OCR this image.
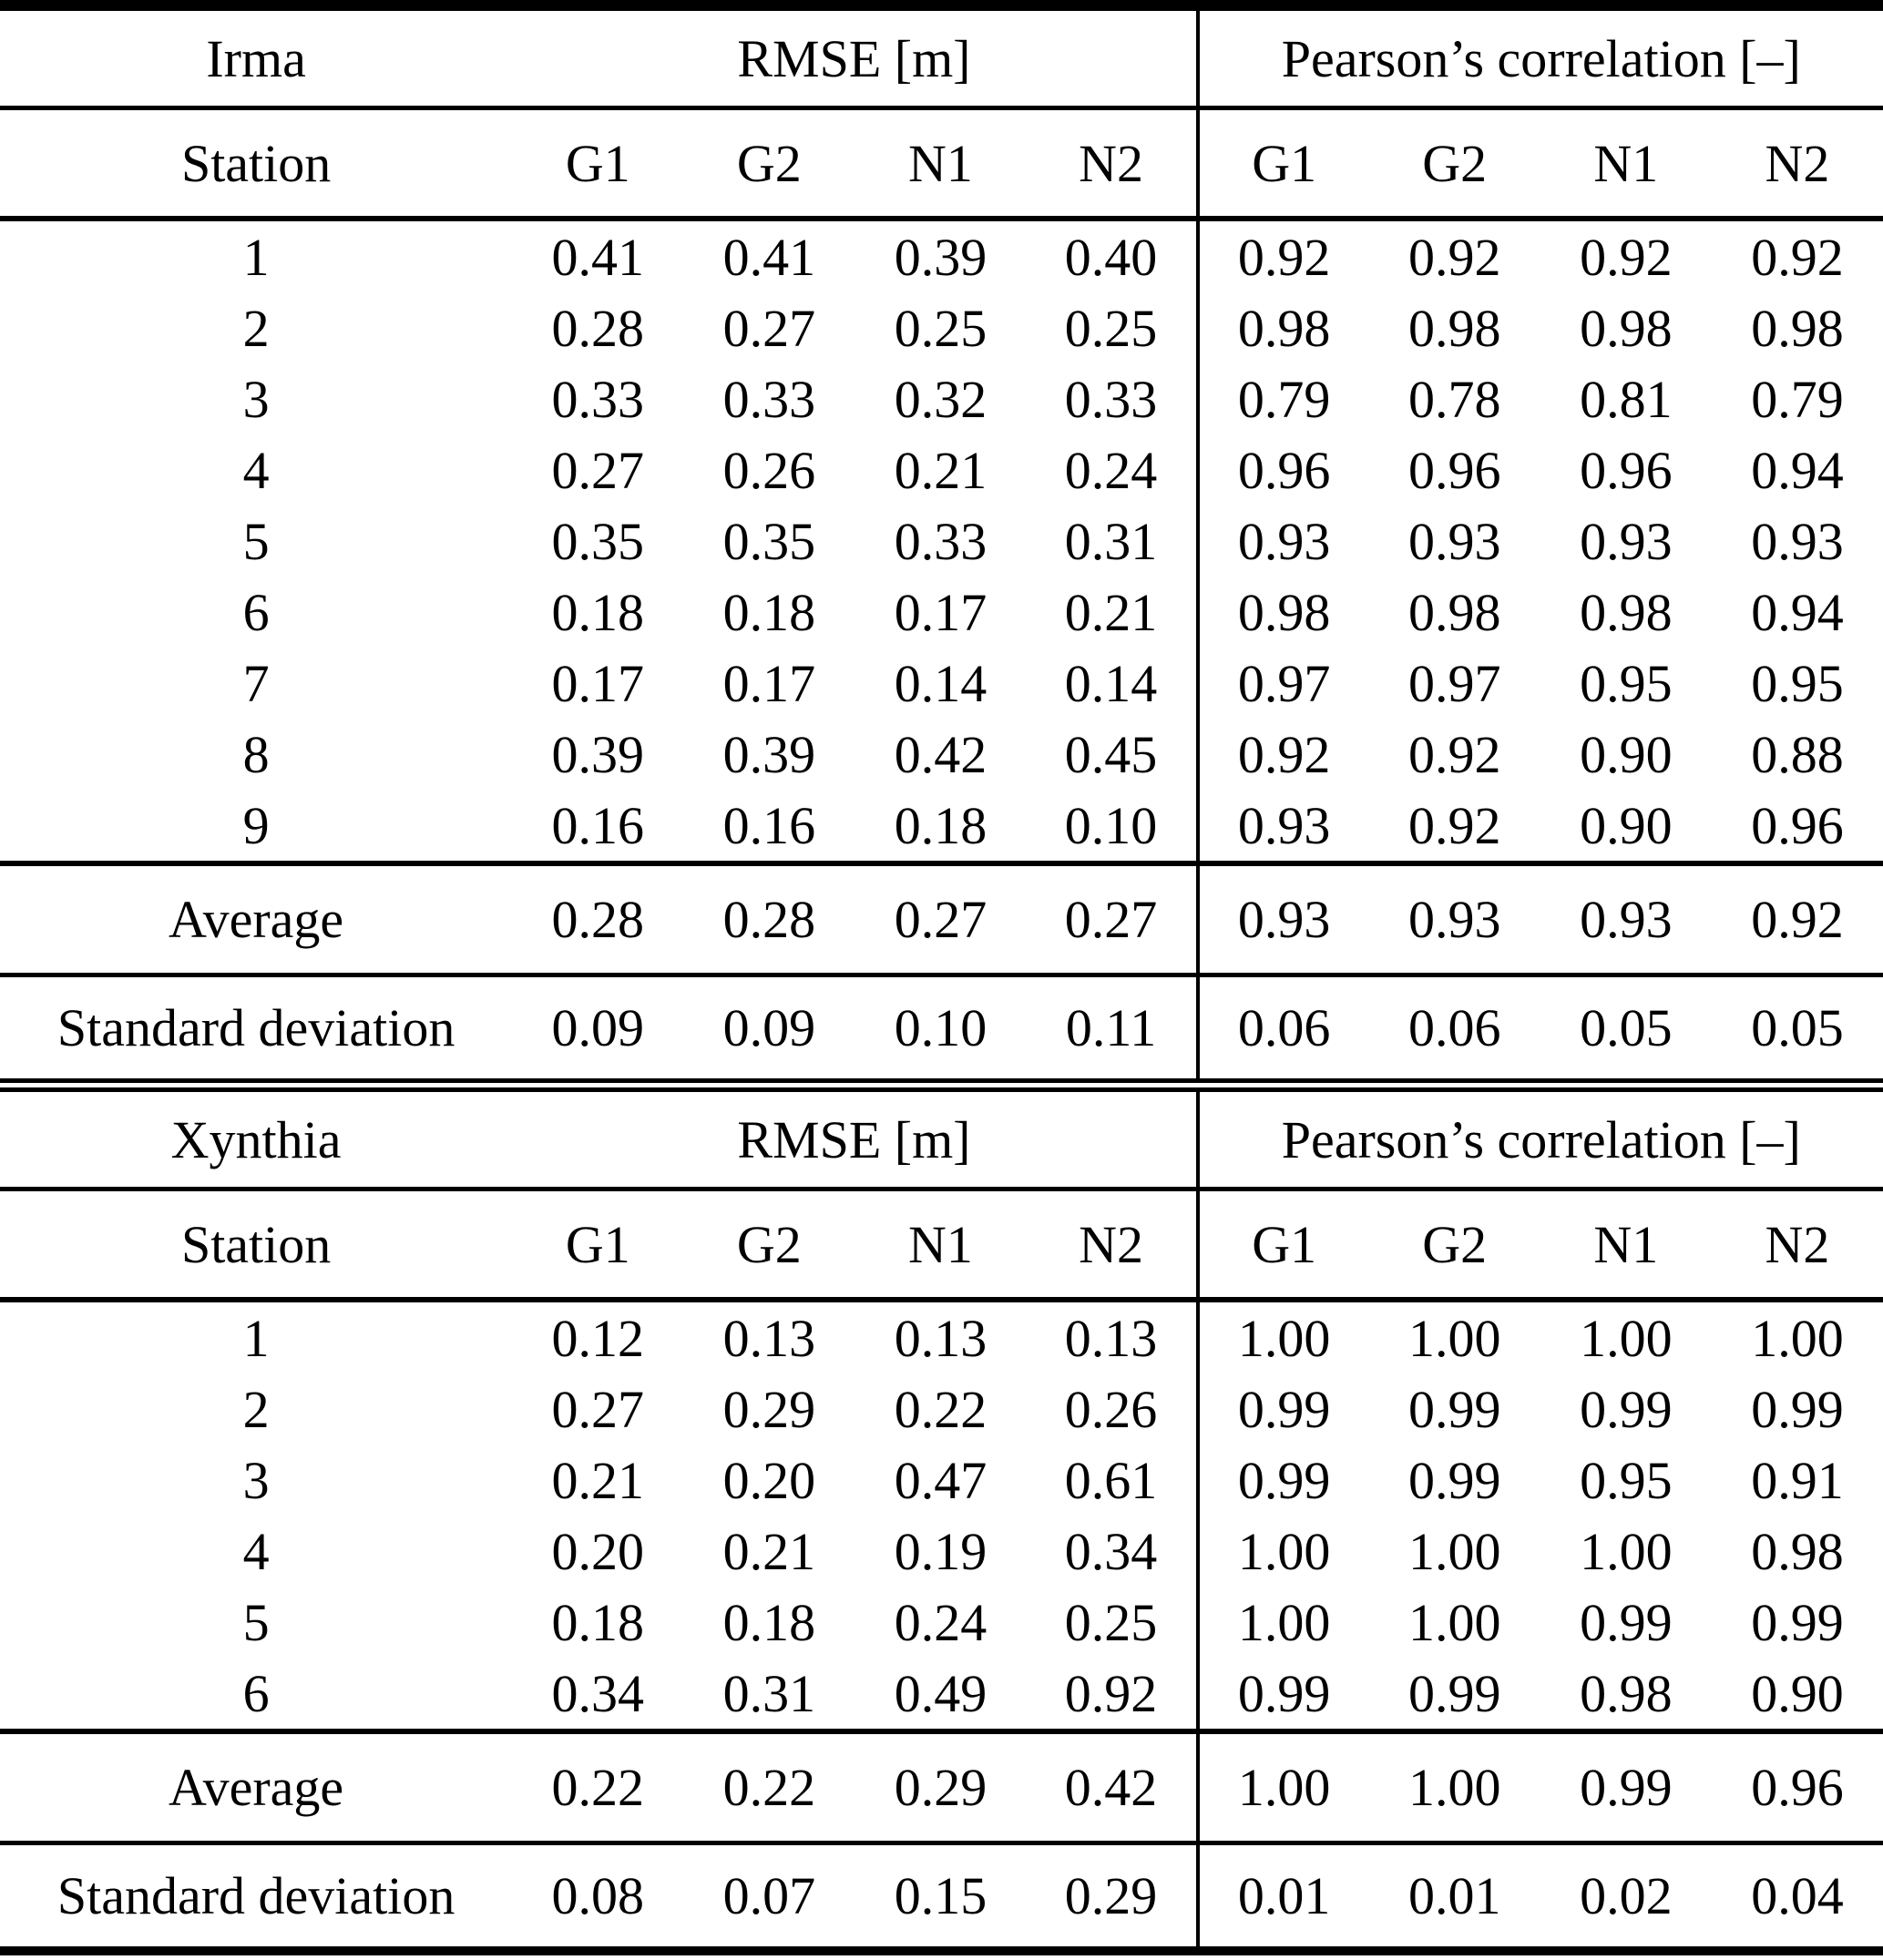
Irma	RMSE [m]				Pearson’s correlation [–]			
Station	G1	G2	N1	N2	G1	G2	N1	N2
1	0.41	0.41	0.39	0.40	0.92	0.92	0.92	0.92
2	0.28	0.27	0.25	0.25	0.98	0.98	0.98	0.98
3	0.33	0.33	0.32	0.33	0.79	0.78	0.81	0.79
4	0.27	0.26	0.21	0.24	0.96	0.96	0.96	0.94
5	0.35	0.35	0.33	0.31	0.93	0.93	0.93	0.93
6	0.18	0.18	0.17	0.21	0.98	0.98	0.98	0.94
7	0.17	0.17	0.14	0.14	0.97	0.97	0.95	0.95
8	0.39	0.39	0.42	0.45	0.92	0.92	0.90	0.88
9	0.16	0.16	0.18	0.10	0.93	0.92	0.90	0.96
Average	0.28	0.28	0.27	0.27	0.93	0.93	0.93	0.92
Standard deviation	0.09	0.09	0.10	0.11	0.06	0.06	0.05	0.05
Xynthia	RMSE [m]				Pearson’s correlation [–]			
Station	G1	G2	N1	N2	G1	G2	N1	N2
1	0.12	0.13	0.13	0.13	1.00	1.00	1.00	1.00
2	0.27	0.29	0.22	0.26	0.99	0.99	0.99	0.99
3	0.21	0.20	0.47	0.61	0.99	0.99	0.95	0.91
4	0.20	0.21	0.19	0.34	1.00	1.00	1.00	0.98
5	0.18	0.18	0.24	0.25	1.00	1.00	0.99	0.99
6	0.34	0.31	0.49	0.92	0.99	0.99	0.98	0.90
Average	0.22	0.22	0.29	0.42	1.00	1.00	0.99	0.96
Standard deviation	0.08	0.07	0.15	0.29	0.01	0.01	0.02	0.04
